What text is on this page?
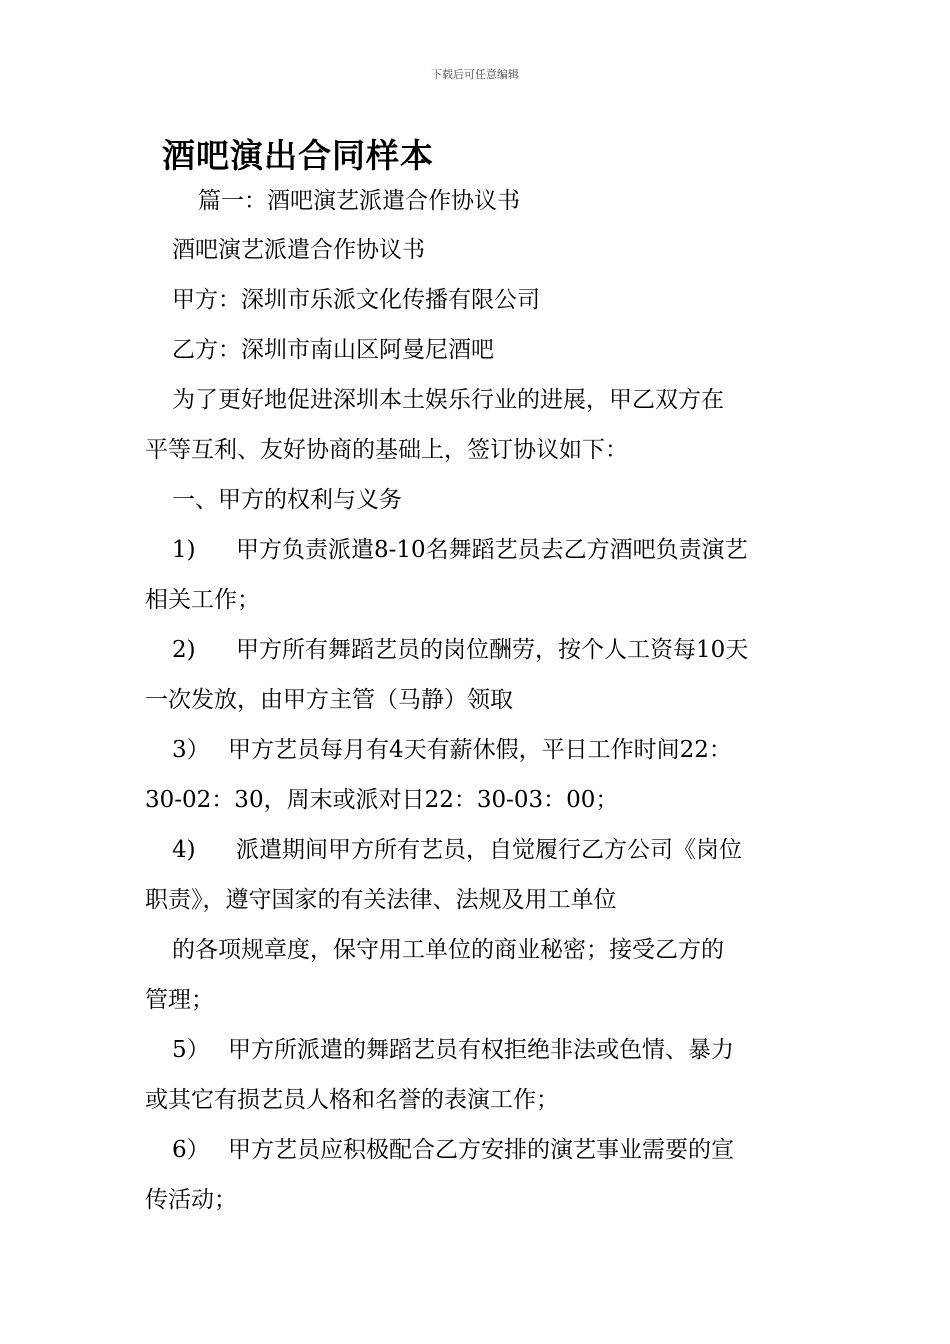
下载后可任意编辑
酒吧演出合同样本
篇一：酒吧演艺派遣合作协议书
酒吧演艺派遣合作协议书
甲方：深圳市乐派文化传播有限公司
乙方：深圳市南山区阿曼尼酒吧
为了更好地促进深圳本土娱乐行业的进展，甲乙双方在
平等互利、友好协商的基础上，签订协议如下：
一、甲方的权利与义务
1) 甲方负责派遣8-10名舞蹈艺员去乙方酒吧负责演艺
相关工作；
2) 甲方所有舞蹈艺员的岗位酬劳，按个人工资每10天
一次发放，由甲方主管（马静）领取
3） 甲方艺员每月有4天有薪休假，平日工作时间22：
30-02：30，周末或派对日22：30-03：00；
4) 派遣期间甲方所有艺员，自觉履行乙方公司《岗位
职责》，遵守国家的有关法律、法规及用工单位
的各项规章度，保守用工单位的商业秘密；接受乙方的
管理；
5） 甲方所派遣的舞蹈艺员有权拒绝非法或色情、暴力
或其它有损艺员人格和名誉的表演工作；
6） 甲方艺员应积极配合乙方安排的演艺事业需要的宣
传活动；
